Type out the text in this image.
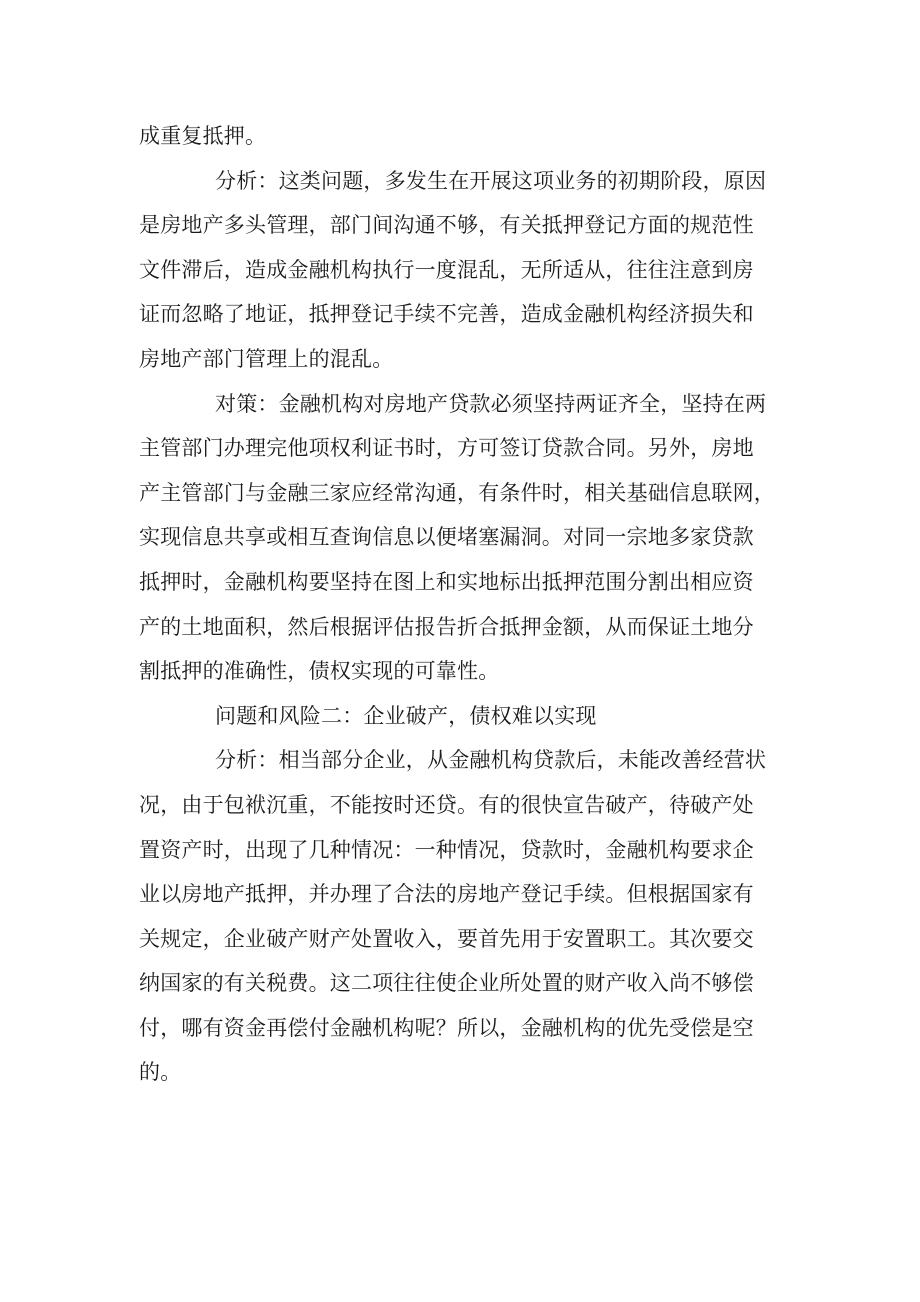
成重复抵押。
分析：这类问题，多发生在开展这项业务的初期阶段，原因
是房地产多头管理，部门间沟通不够，有关抵押登记方面的规范性
文件滞后，造成金融机构执行一度混乱，无所适从，往往注意到房
证而忽略了地证，抵押登记手续不完善，造成金融机构经济损失和
房地产部门管理上的混乱。
对策：金融机构对房地产贷款必须坚持两证齐全，坚持在两
主管部门办理完他项权利证书时，方可签订贷款合同。另外，房地
产主管部门与金融三家应经常沟通，有条件时，相关基础信息联网，
实现信息共享或相互查询信息以便堵塞漏洞。对同一宗地多家贷款
抵押时，金融机构要坚持在图上和实地标出抵押范围分割出相应资
产的土地面积，然后根据评估报告折合抵押金额，从而保证土地分
割抵押的准确性，债权实现的可靠性。
问题和风险二：企业破产，债权难以实现
分析：相当部分企业，从金融机构贷款后，未能改善经营状
况，由于包袱沉重，不能按时还贷。有的很快宣告破产，待破产处
置资产时，出现了几种情况：一种情况，贷款时，金融机构要求企
业以房地产抵押，并办理了合法的房地产登记手续。但根据国家有
关规定，企业破产财产处置收入，要首先用于安置职工。其次要交
纳国家的有关税费。这二项往往使企业所处置的财产收入尚不够偿
付，哪有资金再偿付金融机构呢？所以，金融机构的优先受偿是空
的。
